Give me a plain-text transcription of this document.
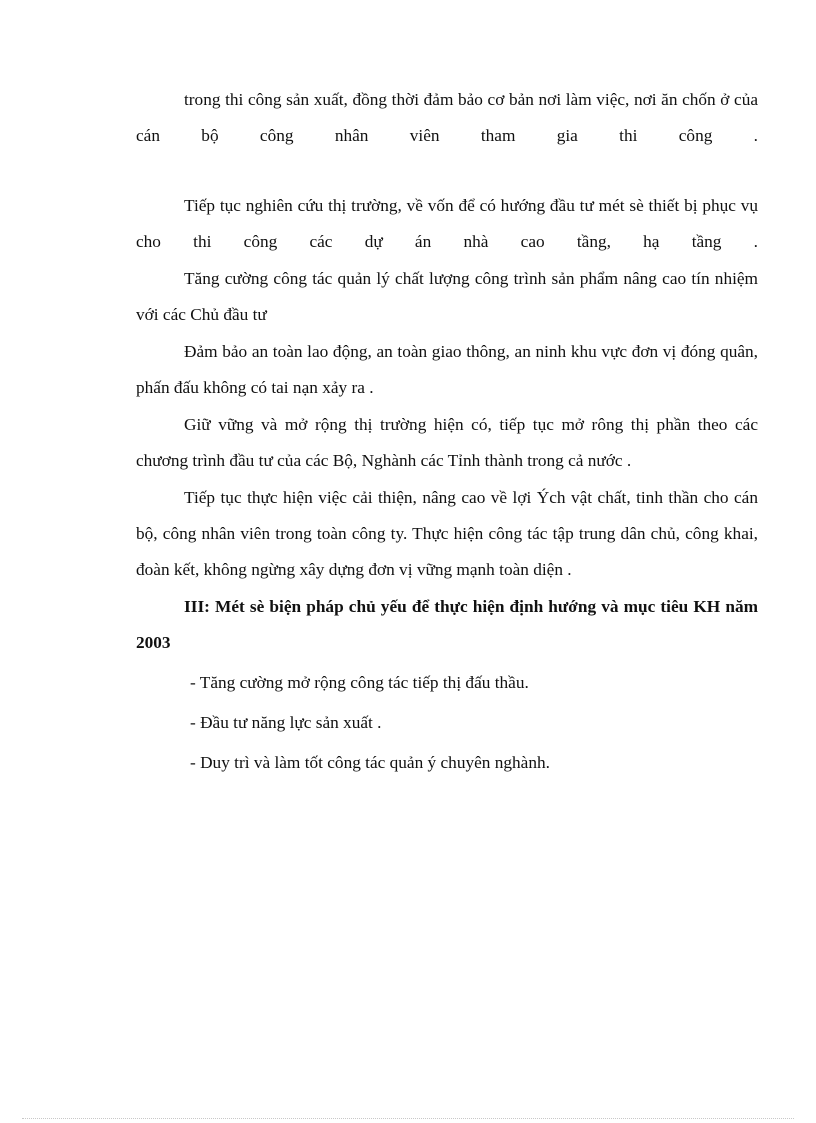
trong thi công sản xuất, đồng thời đảm bảo cơ bản nơi làm việc, nơi ăn chốn ở của cán bộ công nhân viên tham gia thi công .

Tiếp tục nghiên cứu thị trường, về vốn để có hướng đầu tư mét sè thiết bị phục vụ cho thi công các dự án nhà cao tầng, hạ tầng .

Tăng cường công tác quản lý chất lượng công trình sản phẩm nâng cao tín nhiệm với các Chủ đầu tư

Đảm bảo an toàn lao động, an toàn giao thông, an ninh khu vực đơn vị đóng quân, phấn đấu không có tai nạn xảy ra .

Giữ vững và mở rộng thị trường hiện có, tiếp tục mở rông thị phần theo các chương trình đầu tư của các Bộ, Nghành các Tỉnh thành trong cả nước .

Tiếp tục thực hiện việc cải thiện, nâng cao về lợi Ých vật chất, tinh thần cho cán bộ, công nhân viên trong toàn công ty. Thực hiện công tác tập trung dân chủ, công khai, đoàn kết, không ngừng xây dựng đơn vị vững mạnh toàn diện .

III: Mét sè biện pháp chủ yếu để thực hiện định hướng và mục tiêu KH năm 2003

- Tăng cường mở rộng công tác tiếp thị đấu thầu.

- Đầu tư năng lực sản xuất .

- Duy trì và làm tốt công tác quản ý chuyên nghành.
